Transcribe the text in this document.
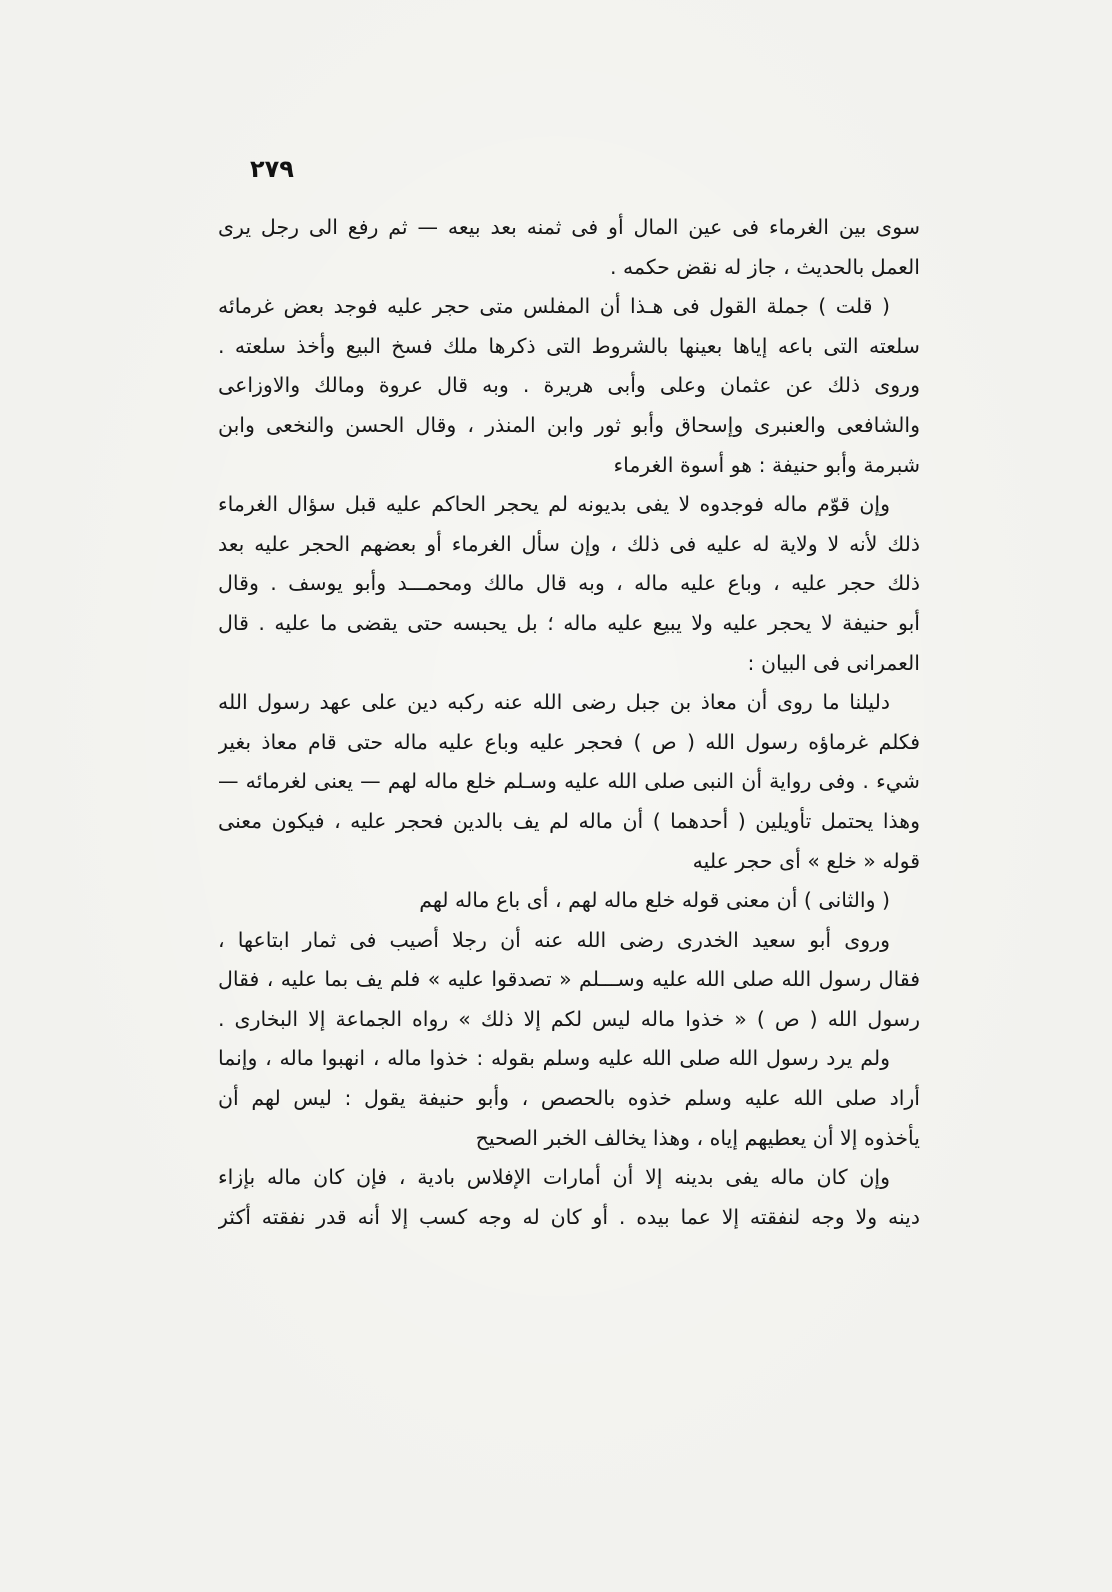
٢٧٩
سوى بين الغرماء فى عين المال أو فى ثمنه بعد بيعه — ثم رفع الى رجل يرى
العمل بالحديث ، جاز له نقض حكمه .
( قلت ) جملة القول فى هـذا أن المفلس متى حجر عليه فوجد بعض غرمائه
سلعته التى باعه إياها بعينها بالشروط التى ذكرها ملك فسخ البيع وأخذ سلعته .
وروى ذلك عن عثمان وعلى وأبى هريرة . وبه قال عروة ومالك والاوزاعى
والشافعى والعنبرى وإسحاق وأبو ثور وابن المنذر ، وقال الحسن والنخعى وابن
شبرمة وأبو حنيفة : هو أسوة الغرماء
وإن قوّم ماله فوجدوه لا يفى بديونه لم يحجر الحاكم عليه قبل سؤال الغرماء
ذلك لأنه لا ولاية له عليه فى ذلك ، وإن سأل الغرماء أو بعضهم الحجر عليه بعد
ذلك حجر عليه ، وباع عليه ماله ، وبه قال مالك ومحمـــد وأبو يوسف . وقال
أبو حنيفة لا يحجر عليه ولا يبيع عليه ماله ؛ بل يحبسه حتى يقضى ما عليه . قال
العمرانى فى البيان :
دليلنا ما روى أن معاذ بن جبل رضى الله عنه ركبه دين على عهد رسول الله
فكلم غرماؤه رسول الله ( ص ) فحجر عليه وباع عليه ماله حتى قام معاذ بغير
شيء . وفى رواية أن النبى صلى الله عليه وسـلم خلع ماله لهم — يعنى لغرمائه —
وهذا يحتمل تأويلين ( أحدهما ) أن ماله لم يف بالدين فحجر عليه ، فيكون معنى
قوله « خلع » أى حجر عليه
( والثانى ) أن معنى قوله خلع ماله لهم ، أى باع ماله لهم
وروى أبو سعيد الخدرى رضى الله عنه أن رجلا أصيب فى ثمار ابتاعها ،
فقال رسول الله صلى الله عليه وســـلم « تصدقوا عليه » فلم يف بما عليه ، فقال
رسول الله ( ص ) « خذوا ماله ليس لكم إلا ذلك » رواه الجماعة إلا البخارى .
ولم يرد رسول الله صلى الله عليه وسلم بقوله : خذوا ماله ، انهبوا ماله ، وإنما
أراد صلى الله عليه وسلم خذوه بالحصص ، وأبو حنيفة يقول : ليس لهم أن
يأخذوه إلا أن يعطيهم إياه ، وهذا يخالف الخبر الصحيح
وإن كان ماله يفى بدينه إلا أن أمارات الإفلاس بادية ، فإن كان ماله بإزاء
دينه ولا وجه لنفقته إلا عما بيده . أو كان له وجه كسب إلا أنه قدر نفقته أكثر
